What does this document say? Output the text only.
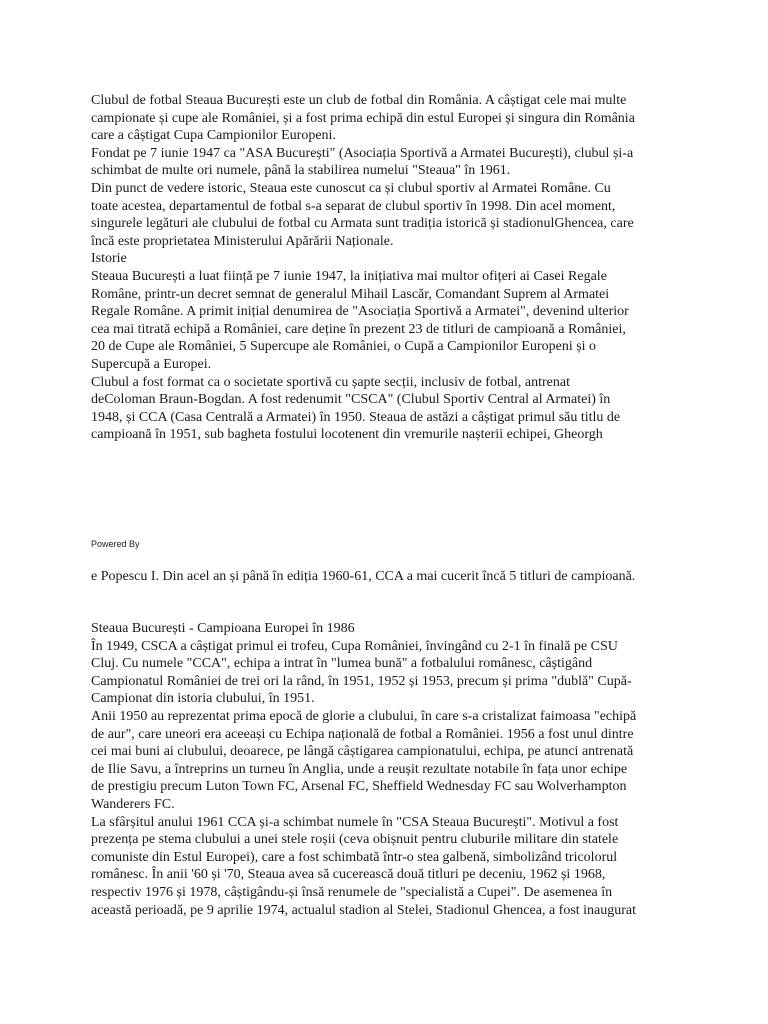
Clubul de fotbal Steaua București este un club de fotbal din România. A câștigat cele mai multe
campionate și cupe ale României, și a fost prima echipă din estul Europei și singura din România
care a câștigat Cupa Campionilor Europeni.
Fondat pe 7 iunie 1947 ca "ASA București" (Asociația Sportivă a Armatei București), clubul și-a
schimbat de multe ori numele, până la stabilirea numelui "Steaua" în 1961.
Din punct de vedere istoric, Steaua este cunoscut ca și clubul sportiv al Armatei Române. Cu
toate acestea, departamentul de fotbal s-a separat de clubul sportiv în 1998. Din acel moment,
singurele legături ale clubului de fotbal cu Armata sunt tradiția istorică și stadionulGhencea, care
încă este proprietatea Ministerului Apărării Naționale.
Istorie
Steaua București a luat ființă pe 7 iunie 1947, la inițiativa mai multor ofițeri ai Casei Regale
Române, printr-un decret semnat de generalul Mihail Lascăr, Comandant Suprem al Armatei
Regale Române. A primit inițial denumirea de "Asociația Sportivă a Armatei", devenind ulterior
cea mai titrată echipă a României, care deține în prezent 23 de titluri de campioană a României,
20 de Cupe ale României, 5 Supercupe ale României, o Cupă a Campionilor Europeni și o
Supercupă a Europei.
Clubul a fost format ca o societate sportivă cu șapte secții, inclusiv de fotbal, antrenat
deColoman Braun-Bogdan. A fost redenumit "CSCA" (Clubul Sportiv Central al Armatei) în
1948, și CCA (Casa Centrală a Armatei) în 1950. Steaua de astăzi a câștigat primul său titlu de
campioană în 1951, sub bagheta fostului locotenent din vremurile nașterii echipei, Gheorgh
Powered By
e Popescu I. Din acel an și până în ediția 1960-61, CCA a mai cucerit încă 5 titluri de campioană.
Steaua București - Campioana Europei în 1986
În 1949, CSCA a câștigat primul ei trofeu, Cupa României, învingând cu 2-1 în finală pe CSU
Cluj. Cu numele "CCA", echipa a intrat în "lumea bună" a fotbalului românesc, câștigând
Campionatul României de trei ori la rând, în 1951, 1952 și 1953, precum și prima "dublă" Cupă-
Campionat din istoria clubului, în 1951.
Anii 1950 au reprezentat prima epocă de glorie a clubului, în care s-a cristalizat faimoasa "echipă
de aur", care uneori era aceeași cu Echipa națională de fotbal a României. 1956 a fost unul dintre
cei mai buni ai clubului, deoarece, pe lângă câștigarea campionatului, echipa, pe atunci antrenată
de Ilie Savu, a întreprins un turneu în Anglia, unde a reușit rezultate notabile în fața unor echipe
de prestigiu precum Luton Town FC, Arsenal FC, Sheffield Wednesday FC sau Wolverhampton
Wanderers FC.
La sfârșitul anului 1961 CCA și-a schimbat numele în "CSA Steaua București". Motivul a fost
prezența pe stema clubului a unei stele roșii (ceva obișnuit pentru cluburile militare din statele
comuniste din Estul Europei), care a fost schimbată într-o stea galbenă, simbolizând tricolorul
românesc. În anii '60 și '70, Steaua avea să cucerească două titluri pe deceniu, 1962 și 1968,
respectiv 1976 și 1978, câștigându-și însă renumele de "specialistă a Cupei". De asemenea în
această perioadă, pe 9 aprilie 1974, actualul stadion al Stelei, Stadionul Ghencea, a fost inaugurat
